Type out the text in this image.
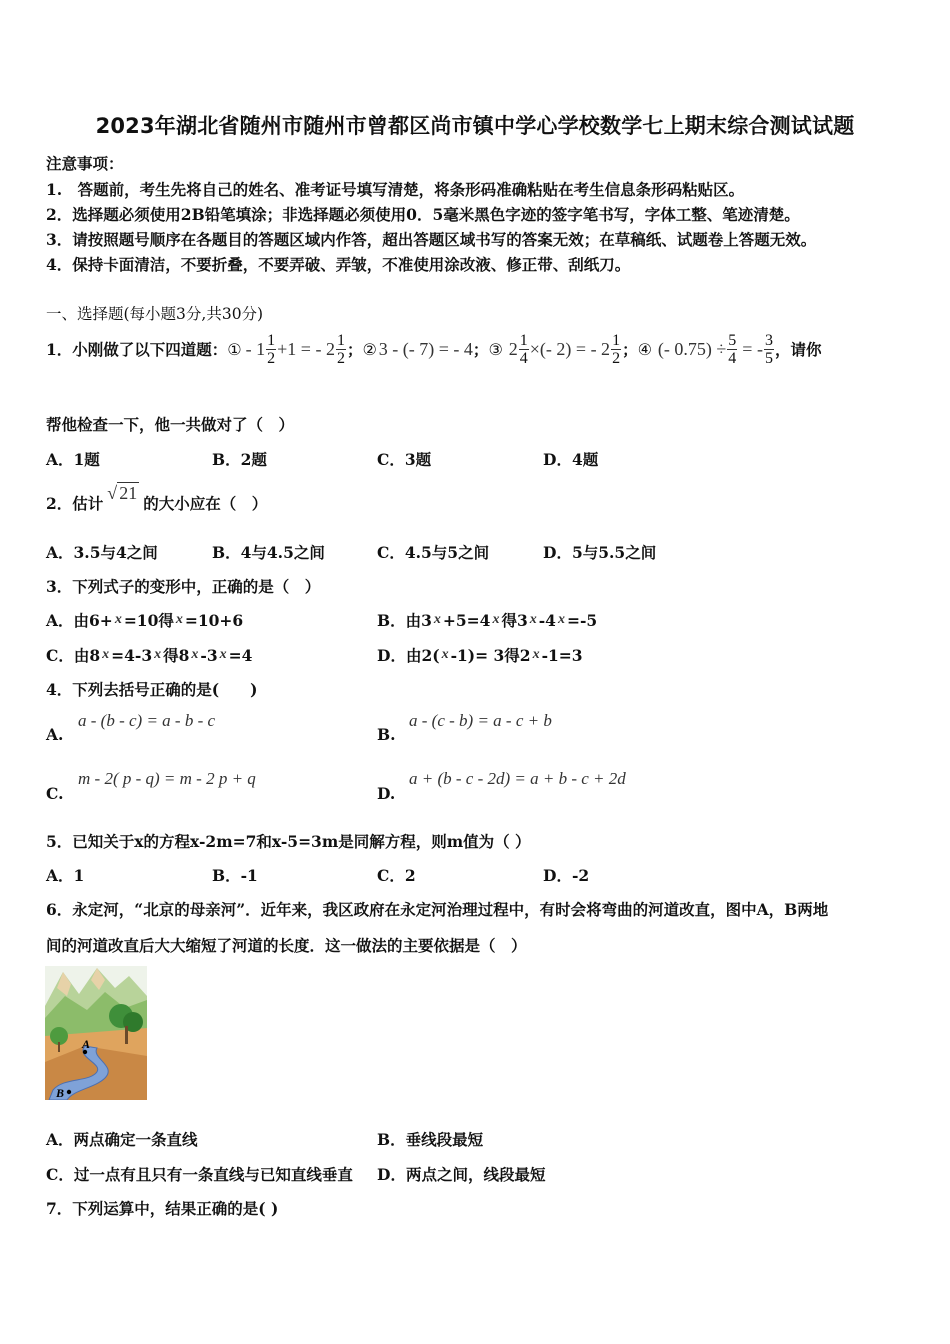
2023年湖北省随州市随州市曾都区尚市镇中学心学校数学七上期末综合测试试题
注意事项：
1.　答题前，考生先将自己的姓名、准考证号填写清楚，将条形码准确粘贴在考生信息条形码粘贴区。
2．选择题必须使用2B铅笔填涂；非选择题必须使用0．5毫米黑色字迹的签字笔书写，字体工整、笔迹清楚。
3．请按照题号顺序在各题目的答题区域内作答，超出答题区域书写的答案无效；在草稿纸、试题卷上答题无效。
4．保持卡面清洁，不要折叠，不要弄破、弄皱，不准使用涂改液、修正带、刮纸刀。
一、选择题(每小题3分,共30分)
1．小刚做了以下四道题： ① - $1 \frac{1}{2} +1$ = - $2 \frac{1}{2}$ ； ② 3 - (- 7) = - 4 ； ③ $2 \frac{1}{4}$ ×(- 2) = - $2 \frac{1}{2}$ ； ④ (- $0.75) \div \frac{5}{4}$ = - $\frac{3}{5}$ ，请你
帮他检查一下，他一共做对了（　）
A．1题	B．2题	C．3题	D．4题
2．估计
√ 21
的大小应在（　）
A．3.5与4之间	B．4与4.5之间	C．4.5与5之间	D．5与5.5之间
3．下列式子的变形中，正确的是（　）
A．由6+ x =10得 x =10+6	B．由3 x +5=4 x 得3 x -4 x =-5
C．由8 x =4-3 x 得8 x -3 x =4	D．由2( x -1)= 3得2 x -1=3
4．下列去括号正确的是(　　)
A.
a - (b - c) = a - b - c
B.
a - (c - b) = a - c + b
C.
m - 2( p - q) = m - 2 p + q
D.
a + (b - c - 2d) = a + b - c + 2d
5．已知关于x的方程x-2m=7和x-5=3m是同解方程，则m值为（ ）
A．1	B．-1	C．2	D．-2
6．永定河，“北京的母亲河”．近年来，我区政府在永定河治理过程中，有时会将弯曲的河道改直，图中A，B两地
间的河道改直后大大缩短了河道的长度．这一做法的主要依据是（　）
A
B
A．两点确定一条直线	B．垂线段最短
C．过一点有且只有一条直线与已知直线垂直 D．两点之间，线段最短
7．下列运算中，结果正确的是( )
